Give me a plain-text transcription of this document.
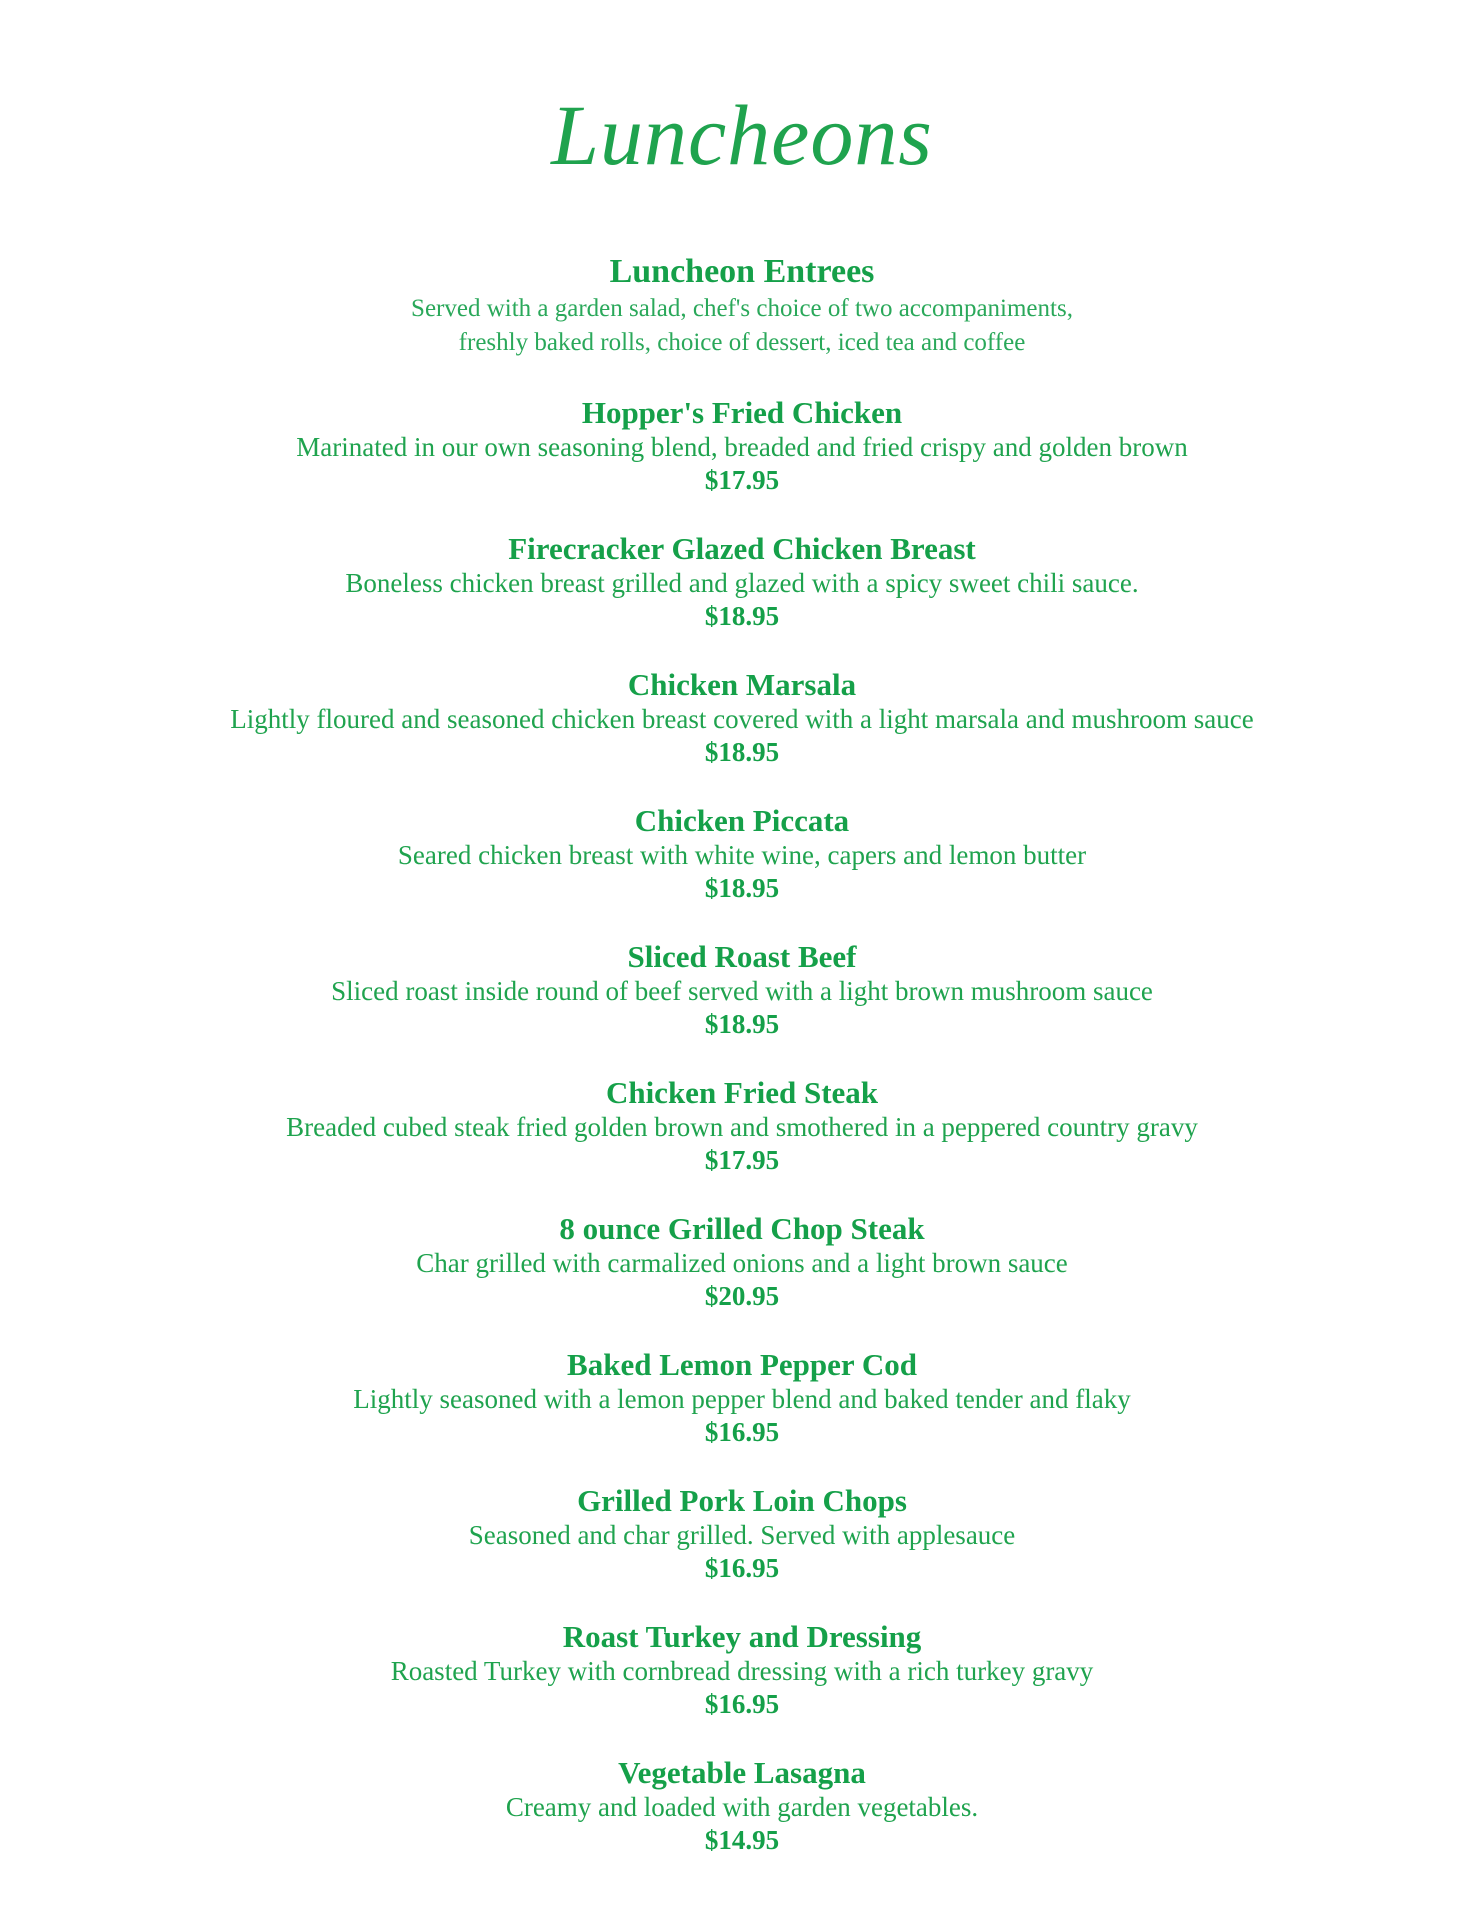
Luncheons
Luncheon Entrees
Served with a garden salad, chef's choice of two accompaniments,
freshly baked rolls, choice of dessert, iced tea and coffee
Hopper's Fried Chicken
Marinated in our own seasoning blend, breaded and fried crispy and golden brown
$17.95
Firecracker Glazed Chicken Breast
Boneless chicken breast grilled and glazed with a spicy sweet chili sauce.
$18.95
Chicken Marsala
Lightly floured and seasoned chicken breast covered with a light marsala and mushroom sauce
$18.95
Chicken Piccata
Seared chicken breast with white wine, capers and lemon butter
$18.95
Sliced Roast Beef
Sliced roast inside round of beef served with a light brown mushroom sauce
$18.95
Chicken Fried Steak
Breaded cubed steak fried golden brown and smothered in a peppered country gravy
$17.95
8 ounce Grilled Chop Steak
Char grilled with carmalized onions and a light brown sauce
$20.95
Baked Lemon Pepper Cod
Lightly seasoned with a lemon pepper blend and baked tender and flaky
$16.95
Grilled Pork Loin Chops
Seasoned and char grilled. Served with applesauce
$16.95
Roast Turkey and Dressing
Roasted Turkey with cornbread dressing with a rich turkey gravy
$16.95
Vegetable Lasagna
Creamy and loaded with garden vegetables.
$14.95
